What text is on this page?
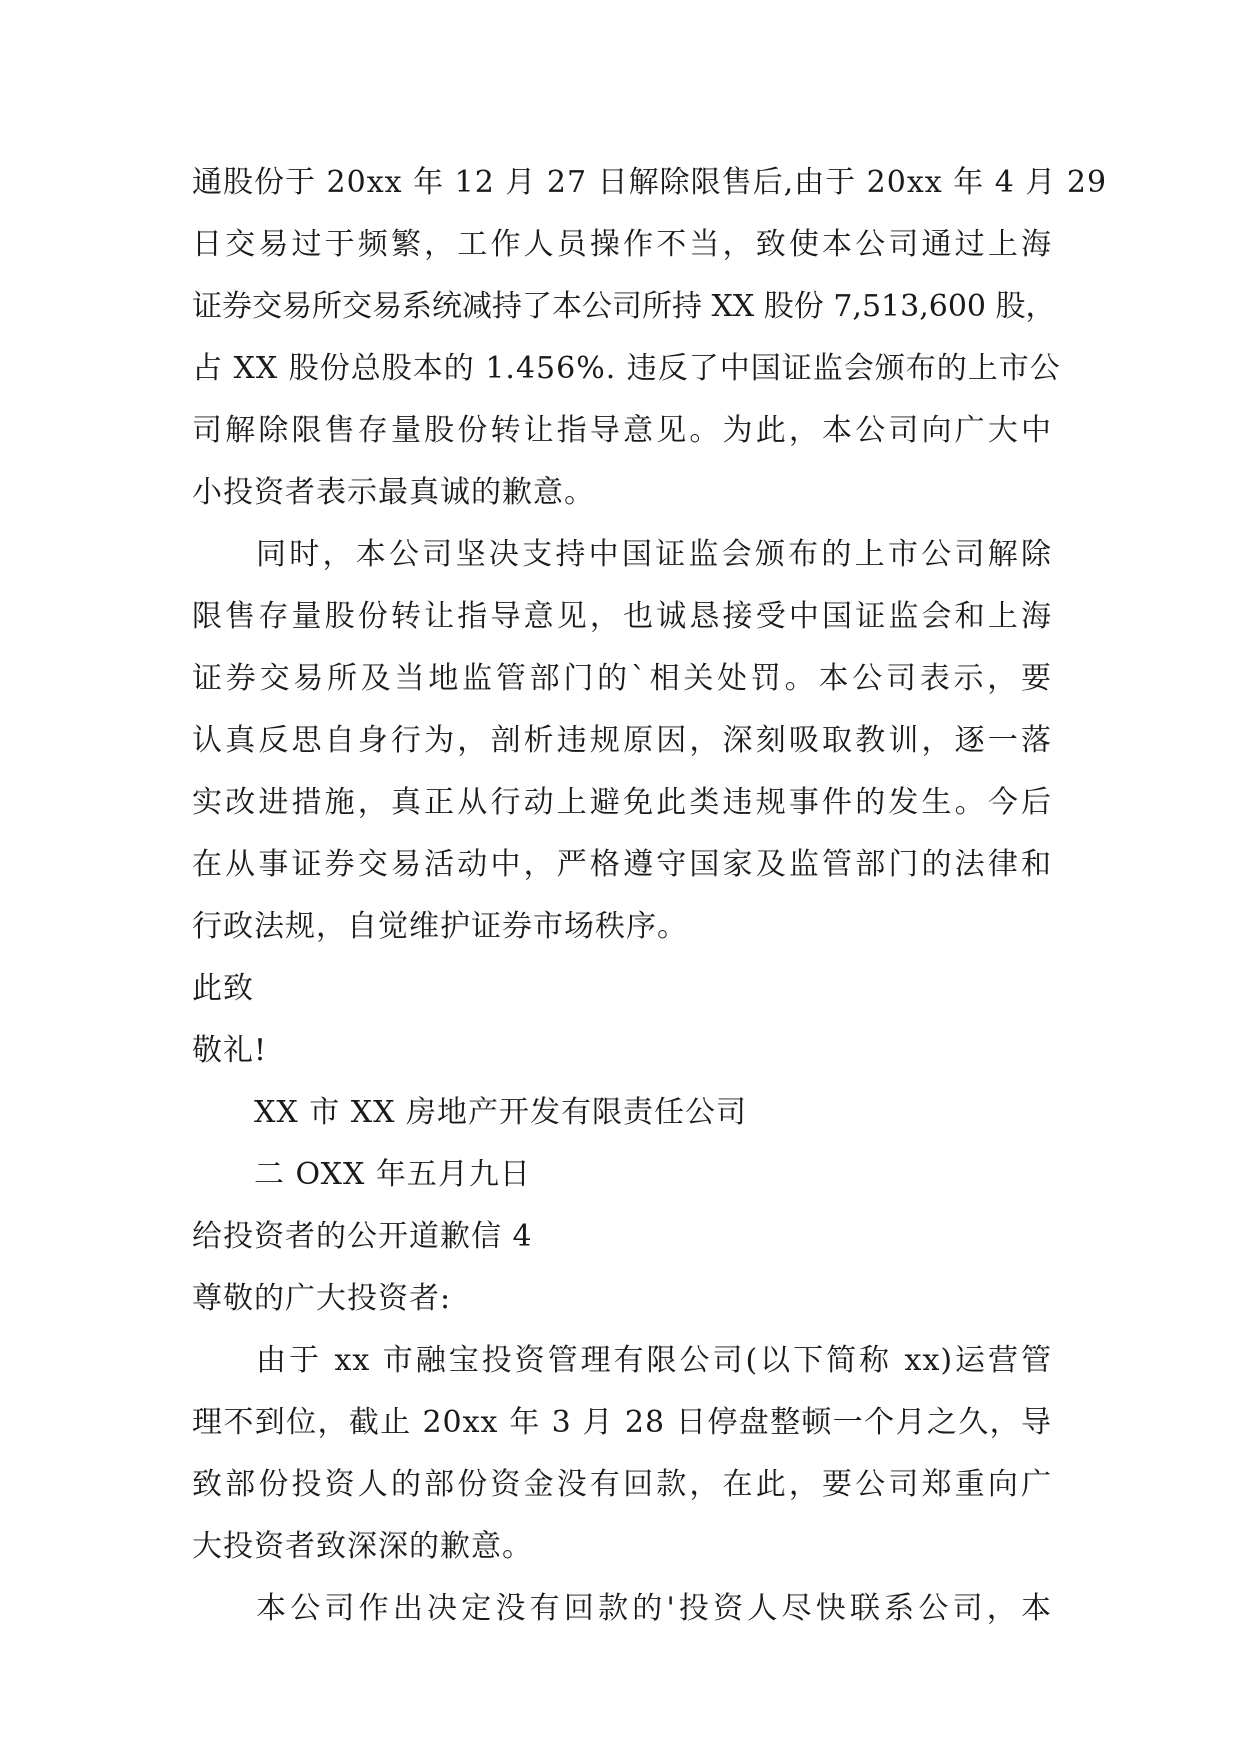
通股份于 20xx 年 12 月 27 日解除限售后,由于 20xx 年 4 月 29
日交易过于频繁，工作人员操作不当，致使本公司通过上海
证券交易所交易系统减持了本公司所持 XX 股份 7,513,600 股，
占 XX 股份总股本的 1.456%. 违反了中国证监会颁布的上市公
司解除限售存量股份转让指导意见。为此，本公司向广大中
小投资者表示最真诚的歉意。
同时，本公司坚决支持中国证监会颁布的上市公司解除
限售存量股份转让指导意见，也诚恳接受中国证监会和上海
证券交易所及当地监管部门的`相关处罚。本公司表示，要
认真反思自身行为，剖析违规原因，深刻吸取教训，逐一落
实改进措施，真正从行动上避免此类违规事件的发生。今后
在从事证券交易活动中，严格遵守国家及监管部门的法律和
行政法规，自觉维护证券市场秩序。
此致
敬礼!
XX 市 XX 房地产开发有限责任公司
二 OXX 年五月九日
给投资者的公开道歉信 4
尊敬的广大投资者:
由于 xx 市融宝投资管理有限公司(以下简称 xx)运营管
理不到位，截止 20xx 年 3 月 28 日停盘整顿一个月之久，导
致部份投资人的部份资金没有回款，在此，要公司郑重向广
大投资者致深深的歉意。
本公司作出决定没有回款的'投资人尽快联系公司，本
